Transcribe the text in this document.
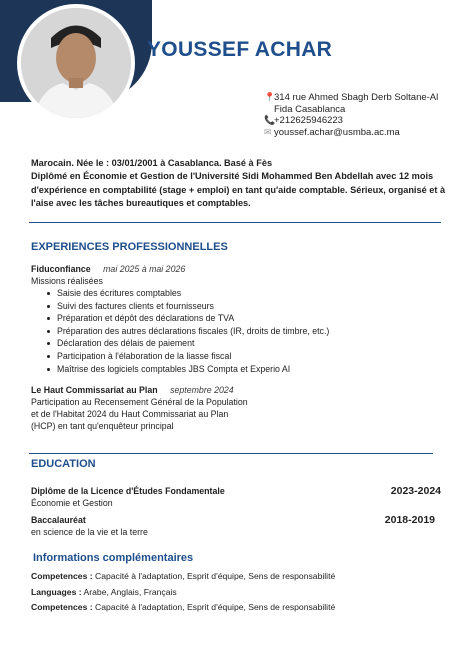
YOUSSEF ACHAR
📍
314 rue Ahmed Sbagh Derb Soltane-Al
Fida Casablanca
📞
+212625946223
✉ youssef.achar@usmba.ac.ma
Marocain. Née le : 03/01/2001 à Casablanca. Basé à Fès
Diplômé en Économie et Gestion de l'Université Sidi Mohammed Ben Abdellah avec 12 mois d'expérience en comptabilité (stage + emploi) en tant qu'aide comptable. Sérieux, organisé et à l'aise avec les tâches bureautiques et comptables.
EXPERIENCES PROFESSIONNELLES
Fiduconfiance mai 2025 à mai 2026
Missions réalisées
Saisie des écritures comptables
Suivi des factures clients et fournisseurs
Préparation et dépôt des déclarations de TVA
Préparation des autres déclarations fiscales (IR, droits de timbre, etc.)
Déclaration des délais de paiement
Participation à l'élaboration de la liasse fiscal
Maîtrise des logiciels comptables JBS Compta et Experio AI
Le Haut Commissariat au Plan septembre 2024
Participation au Recensement Général de la Population
et de l'Habitat 2024 du Haut Commissariat au Plan
(HCP) en tant qu'enquêteur principal
EDUCATION
Diplôme de la Licence d'Études Fondamentale
Économie et Gestion
2023-2024
Baccalauréat
en science de la vie et la terre
2018-2019
Informations complémentaires
Competences : Capacité à l'adaptation, Esprit d'équipe, Sens de responsabilité
Languages : Arabe, Anglais, Français
Competences : Capacité à l'adaptation, Esprit d'équipe, Sens de responsabilité
